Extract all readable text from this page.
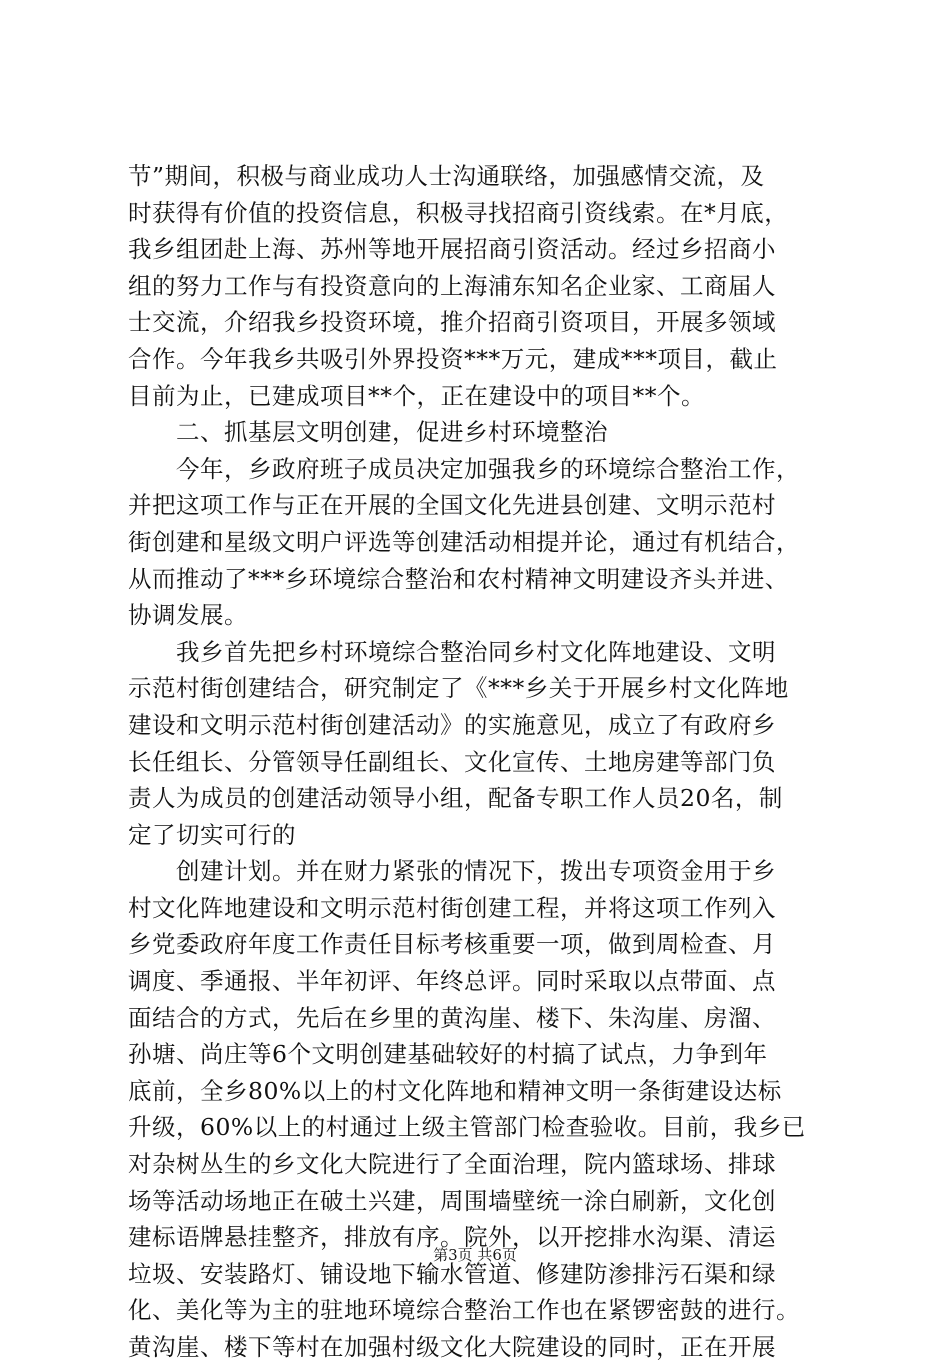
节”期间，积极与商业成功人士沟通联络，加强感情交流，及
时获得有价值的投资信息，积极寻找招商引资线索。在*月底，
我乡组团赴上海、苏州等地开展招商引资活动。经过乡招商小
组的努力工作与有投资意向的上海浦东知名企业家、工商届人
士交流，介绍我乡投资环境，推介招商引资项目，开展多领域
合作。今年我乡共吸引外界投资***万元，建成***项目，截止
目前为止，已建成项目**个，正在建设中的项目**个。
　　二、抓基层文明创建，促进乡村环境整治
　　今年，乡政府班子成员决定加强我乡的环境综合整治工作，
并把这项工作与正在开展的全国文化先进县创建、文明示范村
街创建和星级文明户评选等创建活动相提并论，通过有机结合，
从而推动了***乡环境综合整治和农村精神文明建设齐头并进、
协调发展。
　　我乡首先把乡村环境综合整治同乡村文化阵地建设、文明
示范村街创建结合，研究制定了《***乡关于开展乡村文化阵地
建设和文明示范村街创建活动》的实施意见，成立了有政府乡
长任组长、分管领导任副组长、文化宣传、土地房建等部门负
责人为成员的创建活动领导小组，配备专职工作人员20名，制
定了切实可行的
　　创建计划。并在财力紧张的情况下，拨出专项资金用于乡
村文化阵地建设和文明示范村街创建工程，并将这项工作列入
乡党委政府年度工作责任目标考核重要一项，做到周检查、月
调度、季通报、半年初评、年终总评。同时采取以点带面、点
面结合的方式，先后在乡里的黄沟崖、楼下、朱沟崖、房溜、
孙塘、尚庄等6个文明创建基础较好的村搞了试点，力争到年
底前，全乡80%以上的村文化阵地和精神文明一条街建设达标
升级，60%以上的村通过上级主管部门检查验收。目前，我乡已
对杂树丛生的乡文化大院进行了全面治理，院内篮球场、排球
场等活动场地正在破土兴建，周围墙壁统一涂白刷新，文化创
建标语牌悬挂整齐，排放有序。院外，以开挖排水沟渠、清运
垃圾、安装路灯、铺设地下输水管道、修建防渗排污石渠和绿
化、美化等为主的驻地环境综合整治工作也在紧锣密鼓的进行。
黄沟崖、楼下等村在加强村级文化大院建设的同时，正在开展
第3页 共6页
